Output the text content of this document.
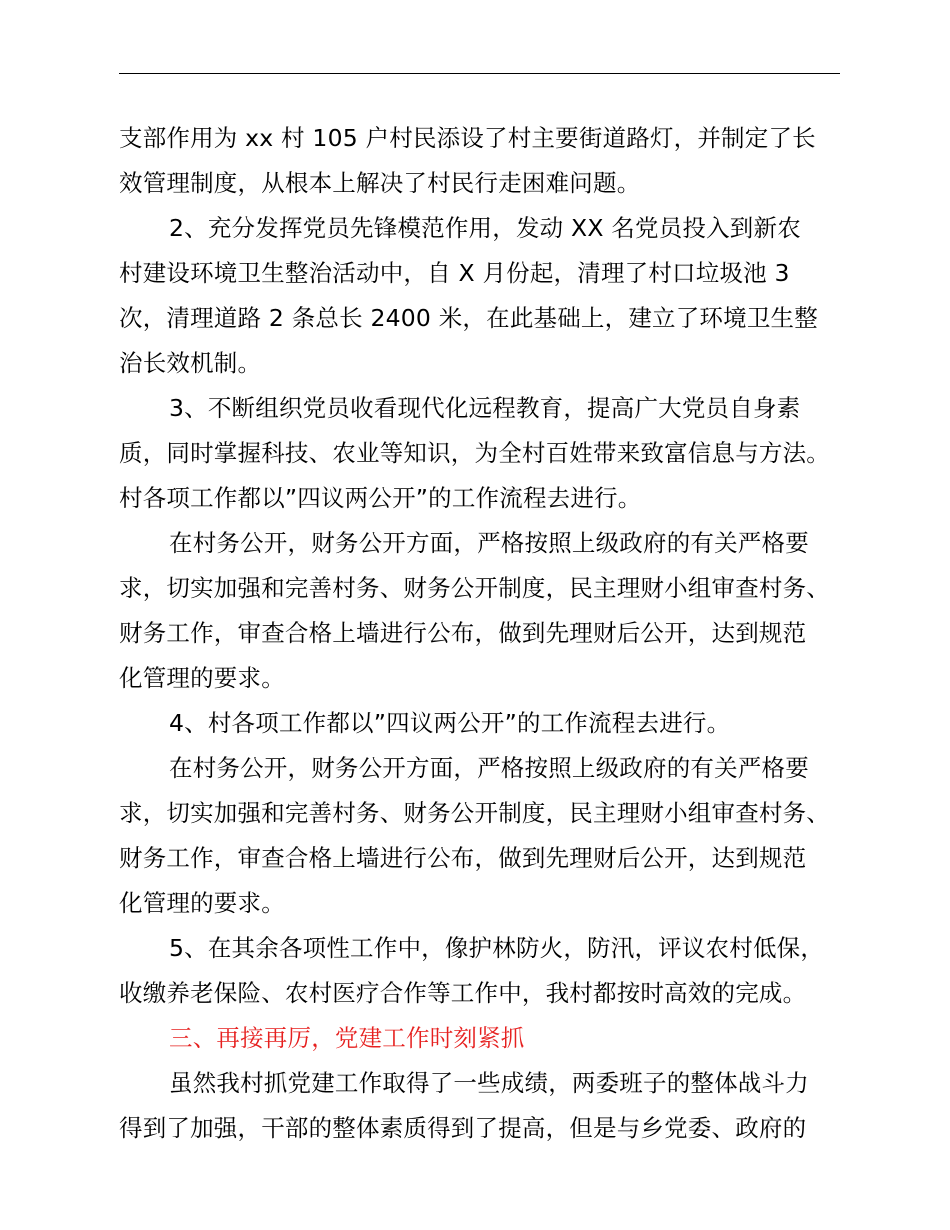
支部作用为 xx 村 105 户村民添设了村主要街道路灯，并制定了长
效管理制度，从根本上解决了村民行走困难问题。
2、充分发挥党员先锋模范作用，发动 XX 名党员投入到新农
村建设环境卫生整治活动中，自 X 月份起，清理了村口垃圾池 3
次，清理道路 2 条总长 2400 米，在此基础上，建立了环境卫生整
治长效机制。
3、不断组织党员收看现代化远程教育，提高广大党员自身素
质，同时掌握科技、农业等知识，为全村百姓带来致富信息与方法。
村各项工作都以”四议两公开”的工作流程去进行。
在村务公开，财务公开方面，严格按照上级政府的有关严格要
求，切实加强和完善村务、财务公开制度，民主理财小组审查村务、
财务工作，审查合格上墙进行公布，做到先理财后公开，达到规范
化管理的要求。
4、村各项工作都以”四议两公开”的工作流程去进行。
在村务公开，财务公开方面，严格按照上级政府的有关严格要
求，切实加强和完善村务、财务公开制度，民主理财小组审查村务、
财务工作，审查合格上墙进行公布，做到先理财后公开，达到规范
化管理的要求。
5、在其余各项性工作中，像护林防火，防汛，评议农村低保，
收缴养老保险、农村医疗合作等工作中，我村都按时高效的完成。
三、再接再厉，党建工作时刻紧抓
虽然我村抓党建工作取得了一些成绩，两委班子的整体战斗力
得到了加强，干部的整体素质得到了提高，但是与乡党委、政府的
